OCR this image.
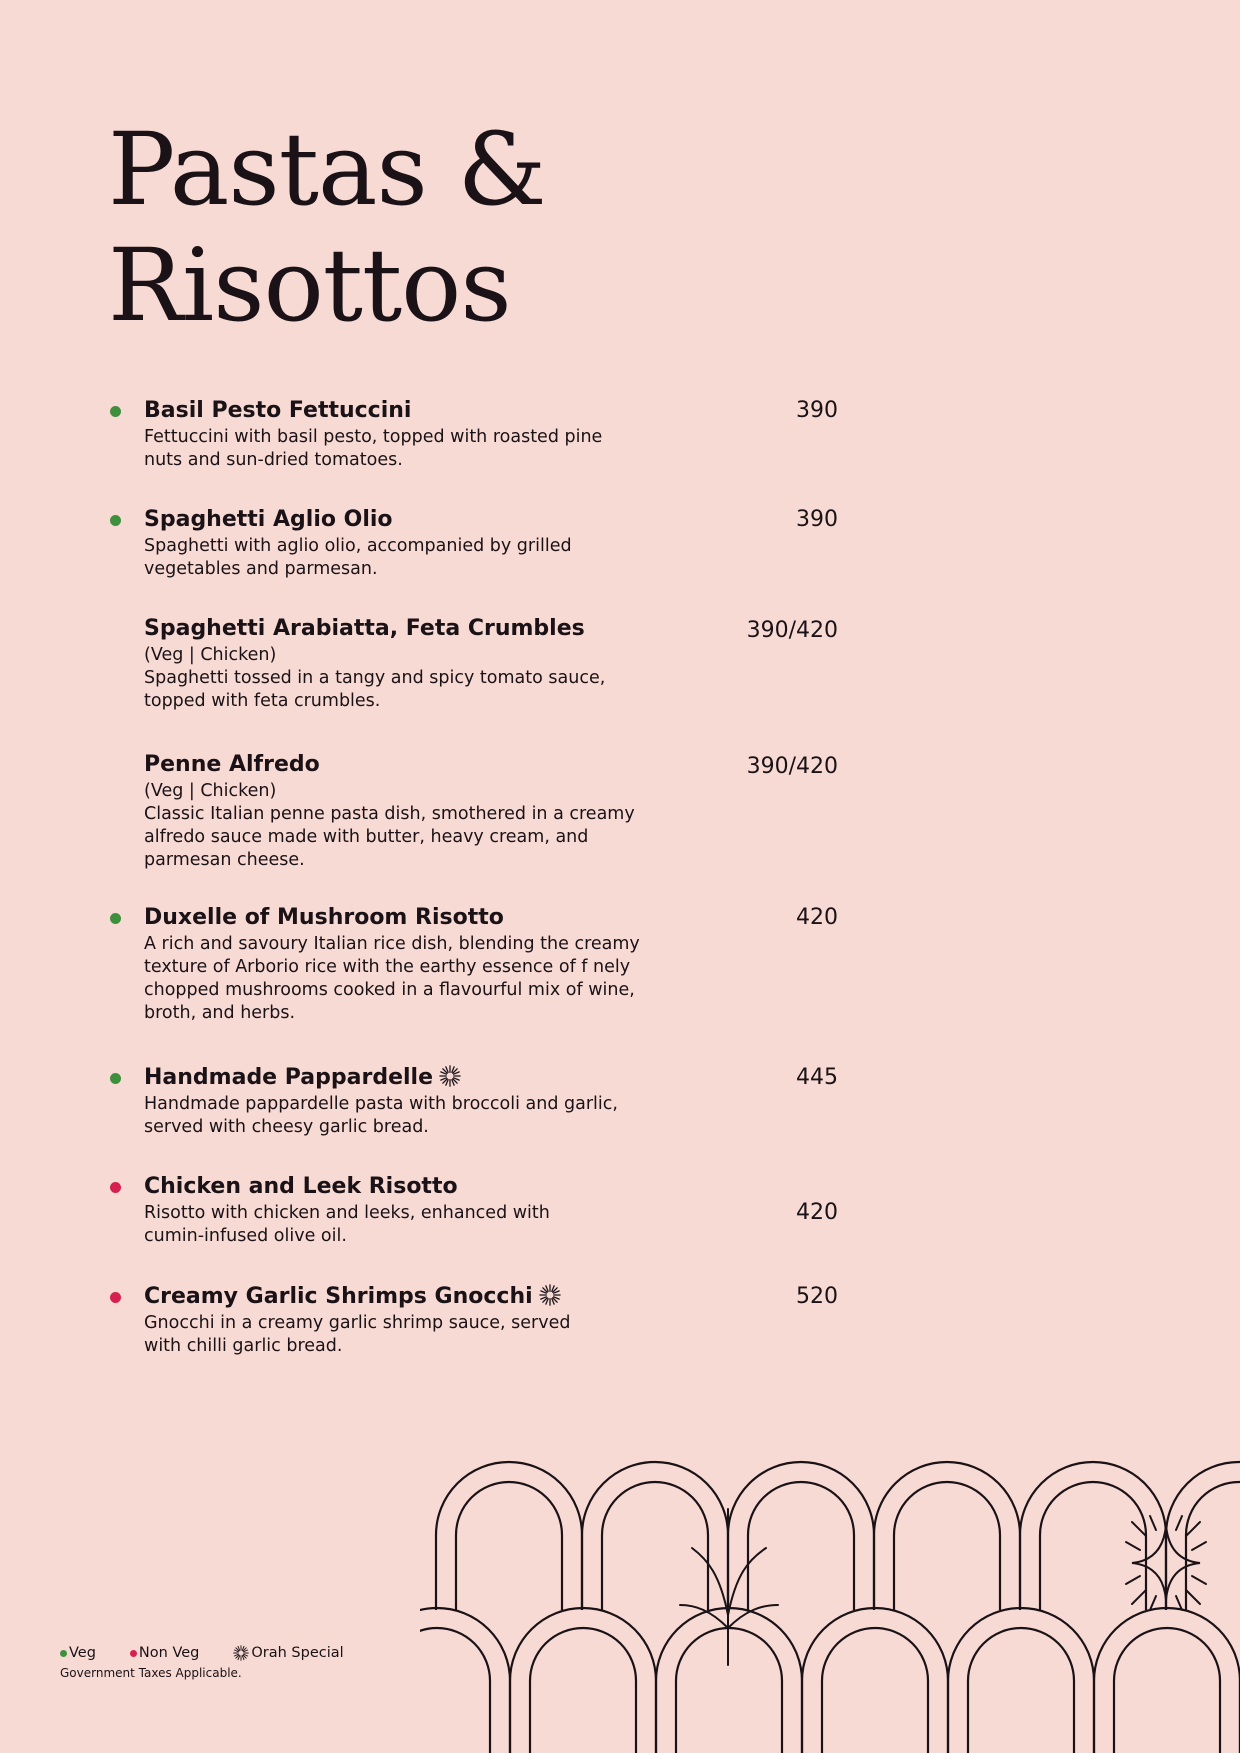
Pastas &
Risottos
Basil Pesto Fettuccini
Fettuccini with basil pesto, topped with roasted pine
nuts and sun-dried tomatoes.
390
Spaghetti Aglio Olio
Spaghetti with aglio olio, accompanied by grilled
vegetables and parmesan.
390
Spaghetti Arabiatta, Feta Crumbles
(Veg | Chicken)
Spaghetti tossed in a tangy and spicy tomato sauce,
topped with feta crumbles.
390/420
Penne Alfredo
(Veg | Chicken)
Classic Italian penne pasta dish, smothered in a creamy
alfredo sauce made with butter, heavy cream, and
parmesan cheese.
390/420
Duxelle of Mushroom Risotto
A rich and savoury Italian rice dish, blending the creamy
texture of Arborio rice with the earthy essence of f nely
chopped mushrooms cooked in a flavourful mix of wine,
broth, and herbs.
420
Handmade Pappardelle
Handmade pappardelle pasta with broccoli and garlic,
served with cheesy garlic bread.
445
Chicken and Leek Risotto
Risotto with chicken and leeks, enhanced with
cumin-infused olive oil.
420
Creamy Garlic Shrimps Gnocchi
Gnocchi in a creamy garlic shrimp sauce, served
with chilli garlic bread.
520
Veg	Non Veg	Orah Special
Government Taxes Applicable.
